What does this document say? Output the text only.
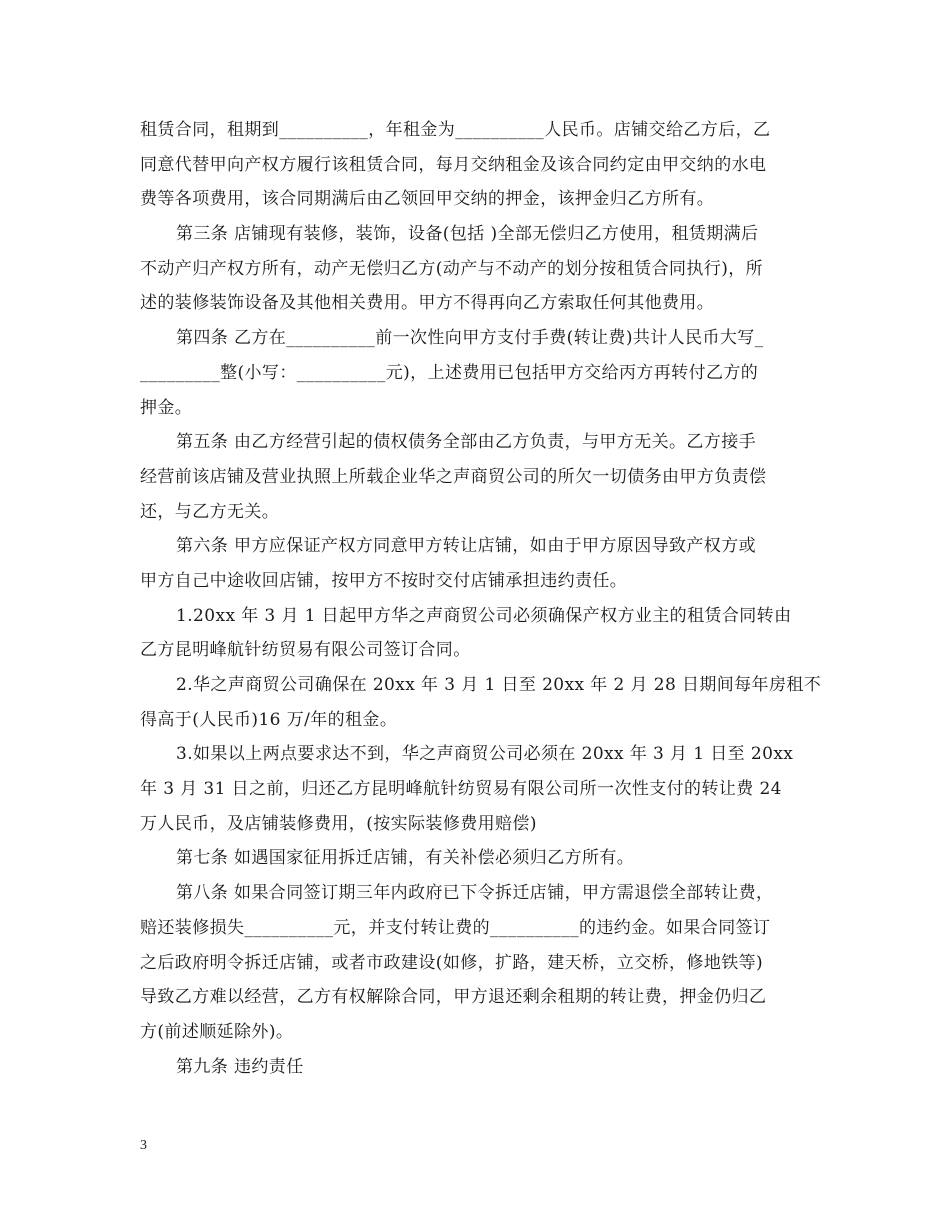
租赁合同，租期到__________，年租金为__________人民币。店铺交给乙方后，乙
同意代替甲向产权方履行该租赁合同，每月交纳租金及该合同约定由甲交纳的水电
费等各项费用，该合同期满后由乙领回甲交纳的押金，该押金归乙方所有。
第三条 店铺现有装修，装饰，设备(包括 )全部无偿归乙方使用，租赁期满后
不动产归产权方所有，动产无偿归乙方(动产与不动产的划分按租赁合同执行)，所
述的装修装饰设备及其他相关费用。甲方不得再向乙方索取任何其他费用。
第四条 乙方在__________前一次性向甲方支付手费(转让费)共计人民币大写_
_________整(小写：__________元)，上述费用已包括甲方交给丙方再转付乙方的
押金。
第五条 由乙方经营引起的债权债务全部由乙方负责，与甲方无关。乙方接手
经营前该店铺及营业执照上所载企业华之声商贸公司的所欠一切债务由甲方负责偿
还，与乙方无关。
第六条 甲方应保证产权方同意甲方转让店铺，如由于甲方原因导致产权方或
甲方自己中途收回店铺，按甲方不按时交付店铺承担违约责任。
1.20xx 年 3 月 1 日起甲方华之声商贸公司必须确保产权方业主的租赁合同转由
乙方昆明峰航针纺贸易有限公司签订合同。
2.华之声商贸公司确保在 20xx 年 3 月 1 日至 20xx 年 2 月 28 日期间每年房租不
得高于(人民币)16 万/年的租金。
3.如果以上两点要求达不到，华之声商贸公司必须在 20xx 年 3 月 1 日至 20xx
年 3 月 31 日之前，归还乙方昆明峰航针纺贸易有限公司所一次性支付的转让费 24
万人民币，及店铺装修费用，(按实际装修费用赔偿)
第七条 如遇国家征用拆迁店铺，有关补偿必须归乙方所有。
第八条 如果合同签订期三年内政府已下令拆迁店铺，甲方需退偿全部转让费，
赔还装修损失__________元，并支付转让费的__________的违约金。如果合同签订
之后政府明令拆迁店铺，或者市政建设(如修，扩路，建天桥，立交桥，修地铁等)
导致乙方难以经营，乙方有权解除合同，甲方退还剩余租期的转让费，押金仍归乙
方(前述顺延除外)。
第九条 违约责任
3
